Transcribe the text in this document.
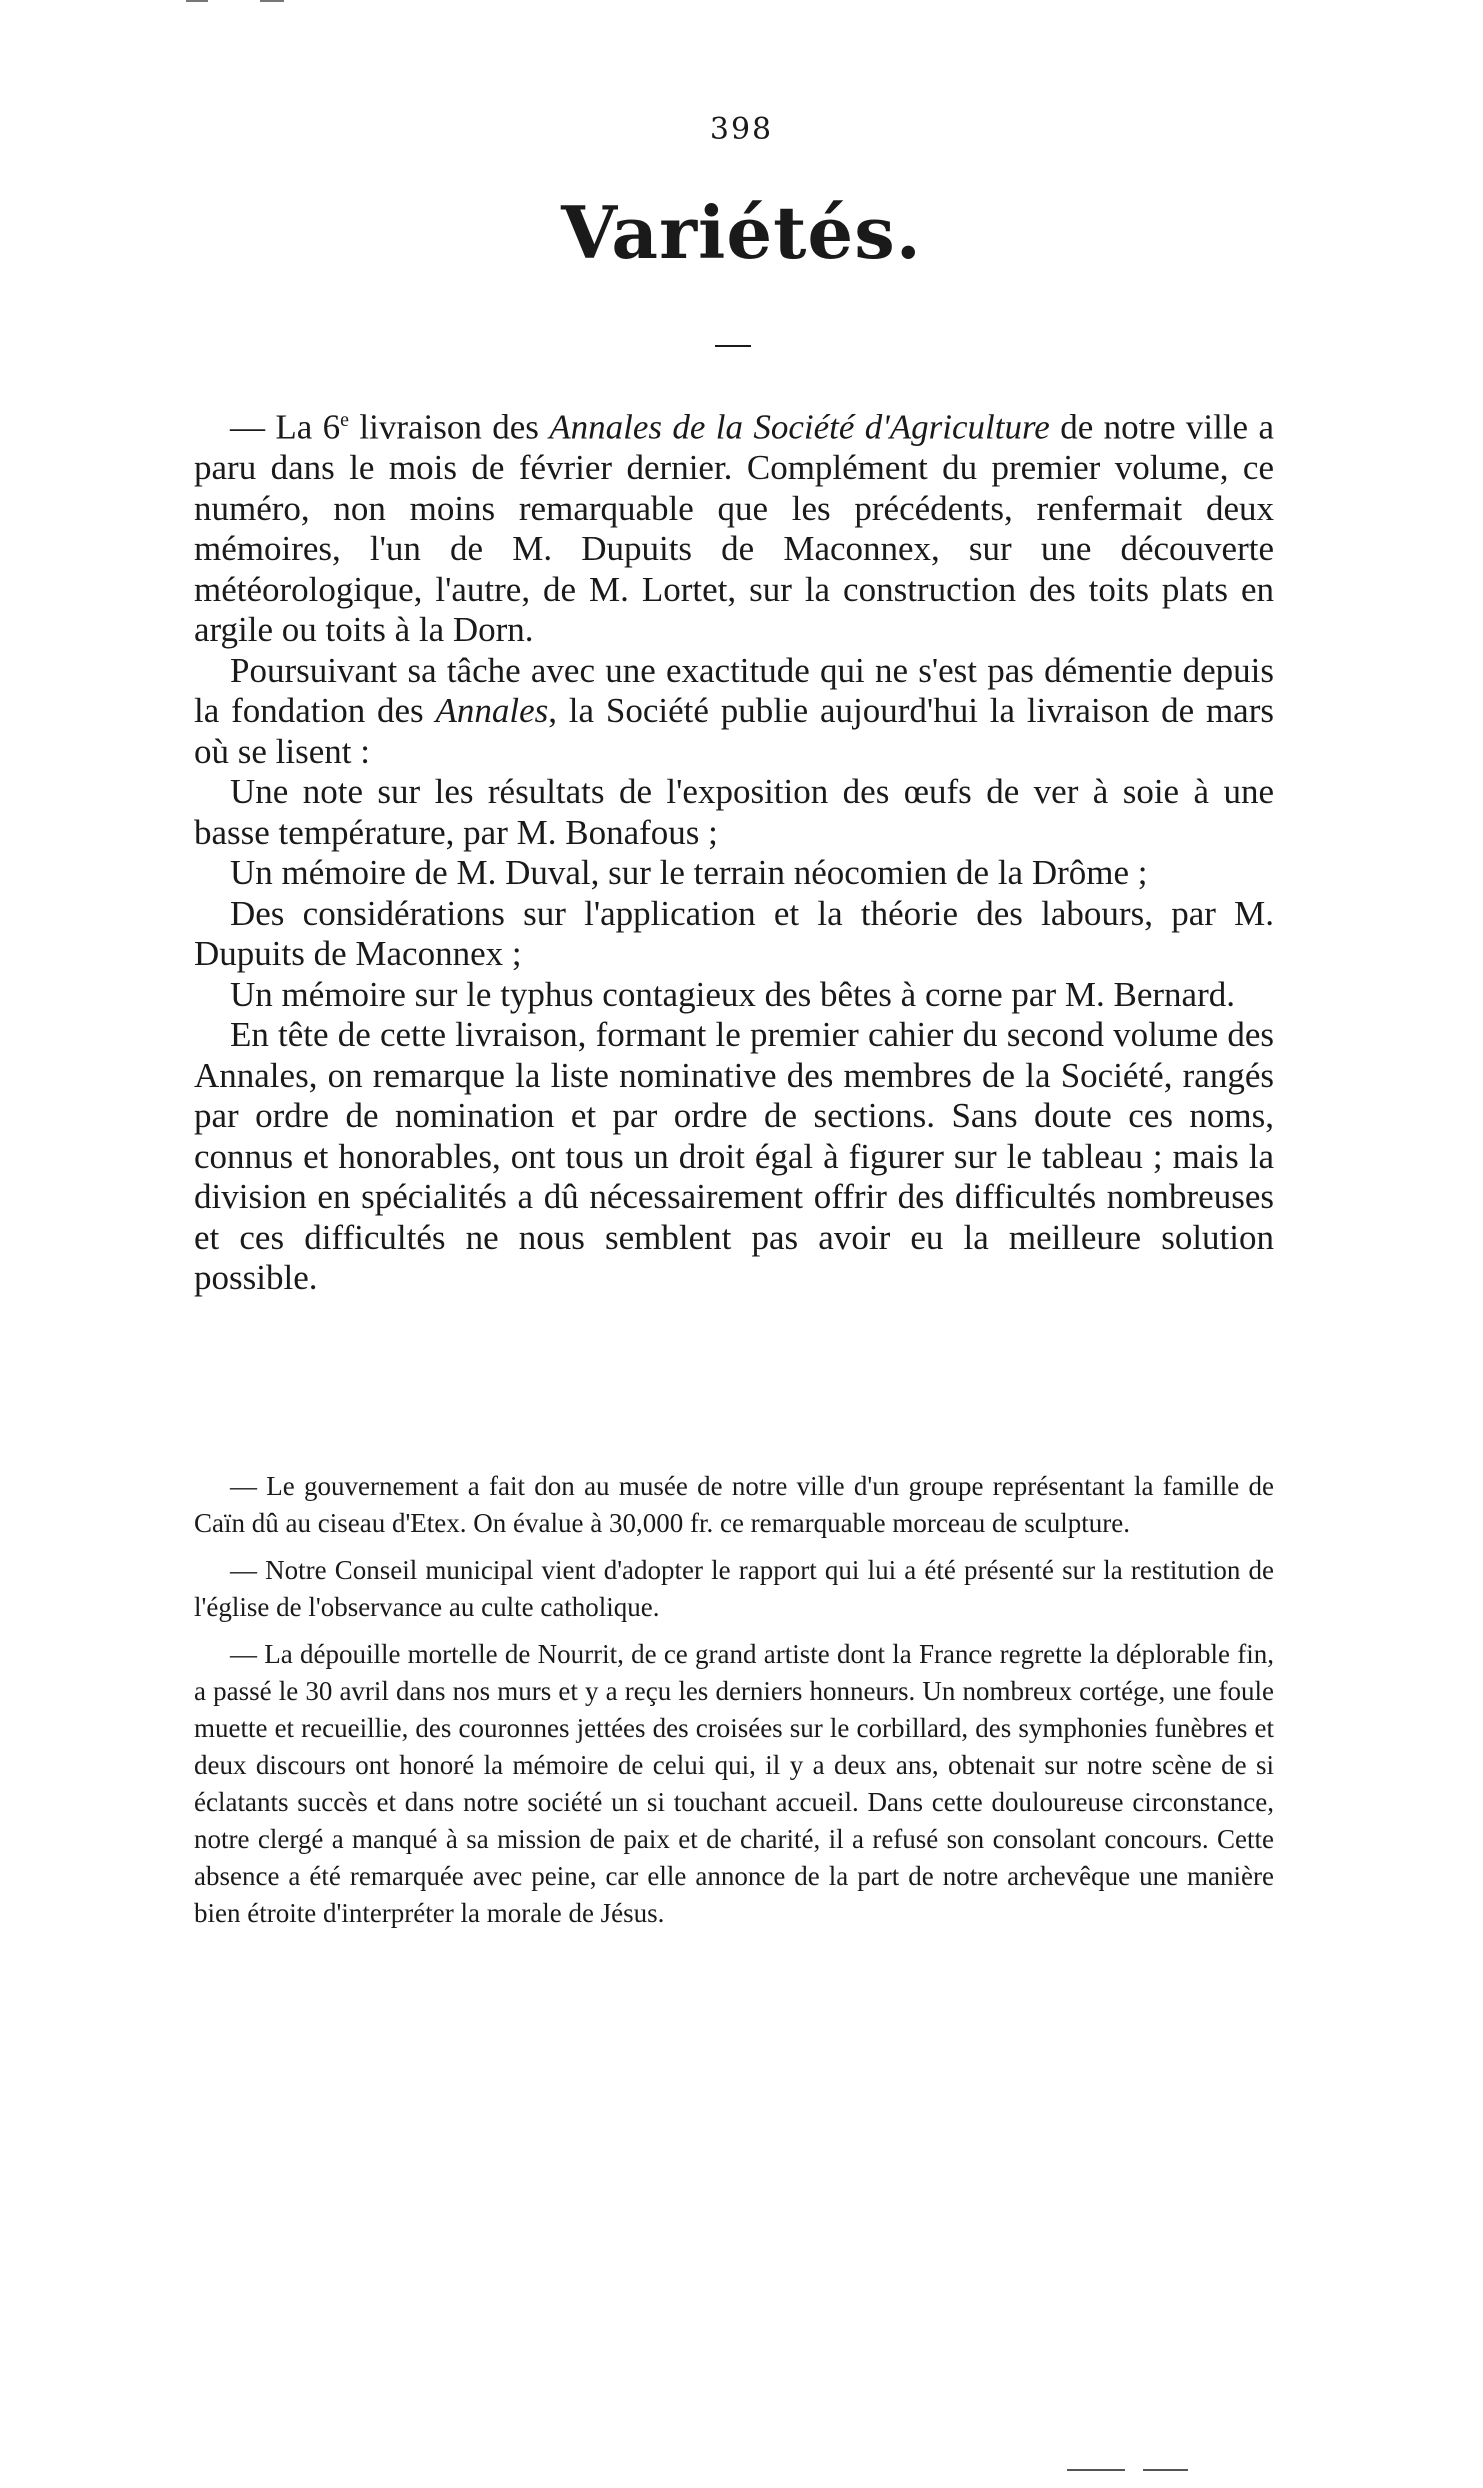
398
Variétés.

— La 6e livraison des Annales de la Société d'Agriculture de notre ville a paru dans le mois de février dernier. Complément du premier volume, ce numéro, non moins remarquable que les précédents, renfermait deux mémoires, l'un de M. Dupuits de Maconnex, sur une découverte météorologique, l'autre, de M. Lortet, sur la construction des toits plats en argile ou toits à la Dorn.

Poursuivant sa tâche avec une exactitude qui ne s'est pas démentie depuis la fondation des Annales, la Société publie aujourd'hui la livraison de mars où se lisent :

Une note sur les résultats de l'exposition des œufs de ver à soie à une basse température, par M. Bonafous ;

Un mémoire de M. Duval, sur le terrain néocomien de la Drôme ;

Des considérations sur l'application et la théorie des labours, par M. Dupuits de Maconnex ;

Un mémoire sur le typhus contagieux des bêtes à corne par M. Bernard.

En tête de cette livraison, formant le premier cahier du second volume des Annales, on remarque la liste nominative des membres de la Société, rangés par ordre de nomination et par ordre de sections. Sans doute ces noms, connus et honorables, ont tous un droit égal à figurer sur le tableau ; mais la division en spécialités a dû nécessairement offrir des difficultés nombreuses et ces difficultés ne nous semblent pas avoir eu la meilleure solution possible.

— Le gouvernement a fait don au musée de notre ville d'un groupe représentant la famille de Caïn dû au ciseau d'Etex. On évalue à 30,000 fr. ce remarquable morceau de sculpture.

— Notre Conseil municipal vient d'adopter le rapport qui lui a été présenté sur la restitution de l'église de l'observance au culte catholique.

— La dépouille mortelle de Nourrit, de ce grand artiste dont la France regrette la déplorable fin, a passé le 30 avril dans nos murs et y a reçu les derniers honneurs. Un nombreux cortége, une foule muette et recueillie, des couronnes jettées des croisées sur le corbillard, des symphonies funèbres et deux discours ont honoré la mémoire de celui qui, il y a deux ans, obtenait sur notre scène de si éclatants succès et dans notre société un si touchant accueil. Dans cette douloureuse circonstance, notre clergé a manqué à sa mission de paix et de charité, il a refusé son consolant concours. Cette absence a été remarquée avec peine, car elle annonce de la part de notre archevêque une manière bien étroite d'interpréter la morale de Jésus.
